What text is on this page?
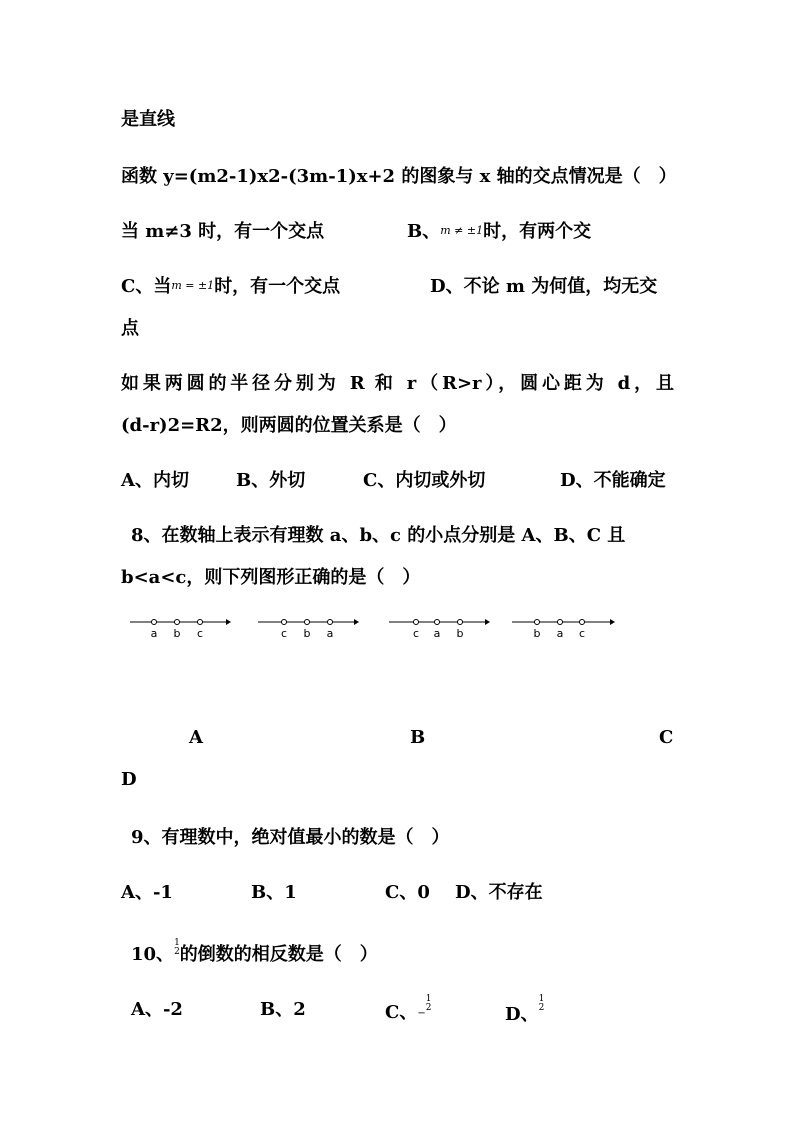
是直线
函数 y=(m2-1)x2-(3m-1)x+2 的图象与 x 轴的交点情况是（　）
当 m≠3 时，有一个交点	B、m ≠ ±1时，有两个交
C、当m = ±1时，有一个交点	D、不论 m 为何值，均无交
点
如果两圆的半径分别为 R 和 r（R>r），圆心距为 d，且
(d-r)2=R2，则两圆的位置关系是（　）
A、内切	B、外切	C、内切或外切	D、不能确定
8、在数轴上表示有理数 a、b、c 的小点分别是 A、B、C 且
b<a<c，则下列图形正确的是（　）
a b c	c b a	c a b	b a c
A	B	C
D
9、有理数中，绝对值最小的数是（　）
A、-1	B、1	C、0 D、不存在
10、
1
2 的倒数的相反数是（　）
A、-2	B、2	C、−
1
2	D、
1
2
